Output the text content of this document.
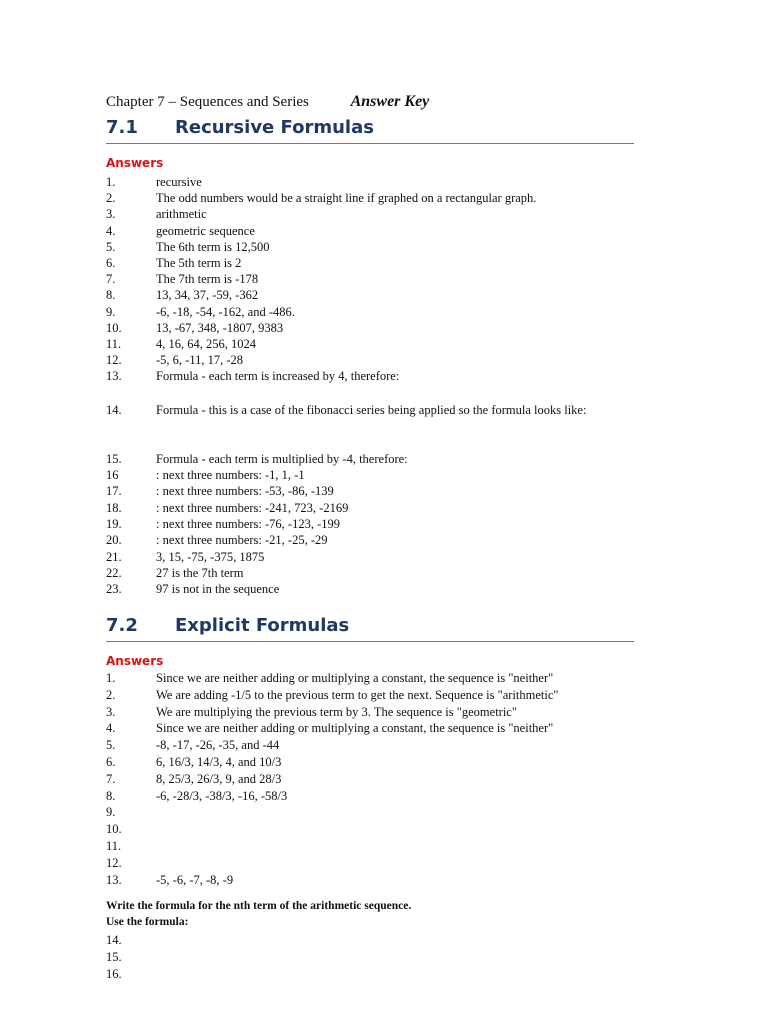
Chapter 7 – Sequences and Series	Answer Key
7.1 Recursive Formulas
Answers
1.	recursive
2.	The odd numbers would be a straight line if graphed on a rectangular graph.
3.	arithmetic
4.	geometric sequence
5.	The 6th term is 12,500
6.	The 5th term is 2
7.	The 7th term is -178
8.	13, 34, 37, -59, -362
9.	-6, -18, -54, -162, and -486.
10.	13, -67, 348, -1807, 9383
11.	4, 16, 64, 256, 1024
12.	-5, 6, -11, 17, -28
13.	Formula - each term is increased by 4, therefore:
14.	Formula - this is a case of the fibonacci series being applied so the formula looks like:
15.	Formula - each term is multiplied by -4, therefore:
16	: next three numbers: -1, 1, -1
17.	: next three numbers: -53, -86, -139
18.	: next three numbers: -241, 723, -2169
19.	: next three numbers: -76, -123, -199
20.	: next three numbers: -21, -25, -29
21.	3, 15, -75, -375, 1875
22.	27 is the 7th term
23.	97 is not in the sequence
7.2 Explicit Formulas
Answers
1.	Since we are neither adding or multiplying a constant, the sequence is "neither"
2.	We are adding -1/5 to the previous term to get the next. Sequence is "arithmetic"
3.	We are multiplying the previous term by 3. The sequence is "geometric"
4.	Since we are neither adding or multiplying a constant, the sequence is "neither"
5.	-8, -17, -26, -35, and -44
6.	6, 16/3, 14/3, 4, and 10/3
7.	8, 25/3, 26/3, 9, and 28/3
8.	-6, -28/3, -38/3, -16, -58/3
9.
10.
11.
12.
13.	-5, -6, -7, -8, -9
Write the formula for the nth term of the arithmetic sequence.
Use the formula:
14.
15.
16.
